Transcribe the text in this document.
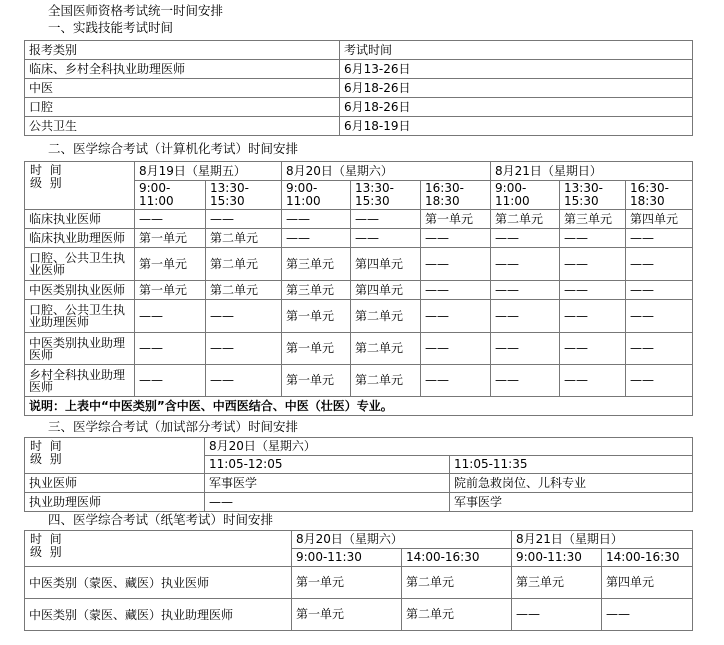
全国医师资格考试统一时间安排
一、实践技能考试时间
报考类别	考试时间
临床、乡村全科执业助理医师	6月13-26日
中医	6月18-26日
口腔	6月18-26日
公共卫生	6月18-19日
二、医学综合考试（计算机化考试）时间安排
时  间
级  别	8月19日（星期五）		8月20日（星期六）			8月21日（星期日）		
	9:00-11:00	13:30-15:30	9:00-11:00	13:30-15:30	16:30-18:30	9:00-11:00	13:30-15:30	16:30-18:30
临床执业医师	——	——	——	——	第一单元	第二单元	第三单元	第四单元
临床执业助理医师	第一单元	第二单元	——	——	——	——	——	——
口腔、公共卫生执业医师	第一单元	第二单元	第三单元	第四单元	——	——	——	——
中医类别执业医师	第一单元	第二单元	第三单元	第四单元	——	——	——	——
口腔、公共卫生执业助理医师	——	——	第一单元	第二单元	——	——	——	——
中医类别执业助理医师	——	——	第一单元	第二单元	——	——	——	——
乡村全科执业助理医师	——	——	第一单元	第二单元	——	——	——	——
说明：上表中“中医类别”含中医、中西医结合、中医（壮医）专业。								
三、医学综合考试（加试部分考试）时间安排
时  间
级  别	8月20日（星期六）	
	11:05-12:05	11:05-11:35
执业医师	军事医学	院前急救岗位、儿科专业
执业助理医师	——	军事医学
四、医学综合考试（纸笔考试）时间安排
时  间
级  别	8月20日（星期六）		8月21日（星期日）	
	9:00-11:30	14:00-16:30	9:00-11:30	14:00-16:30
中医类别（蒙医、藏医）执业医师	第一单元	第二单元	第三单元	第四单元
中医类别（蒙医、藏医）执业助理医师	第一单元	第二单元	——	——
